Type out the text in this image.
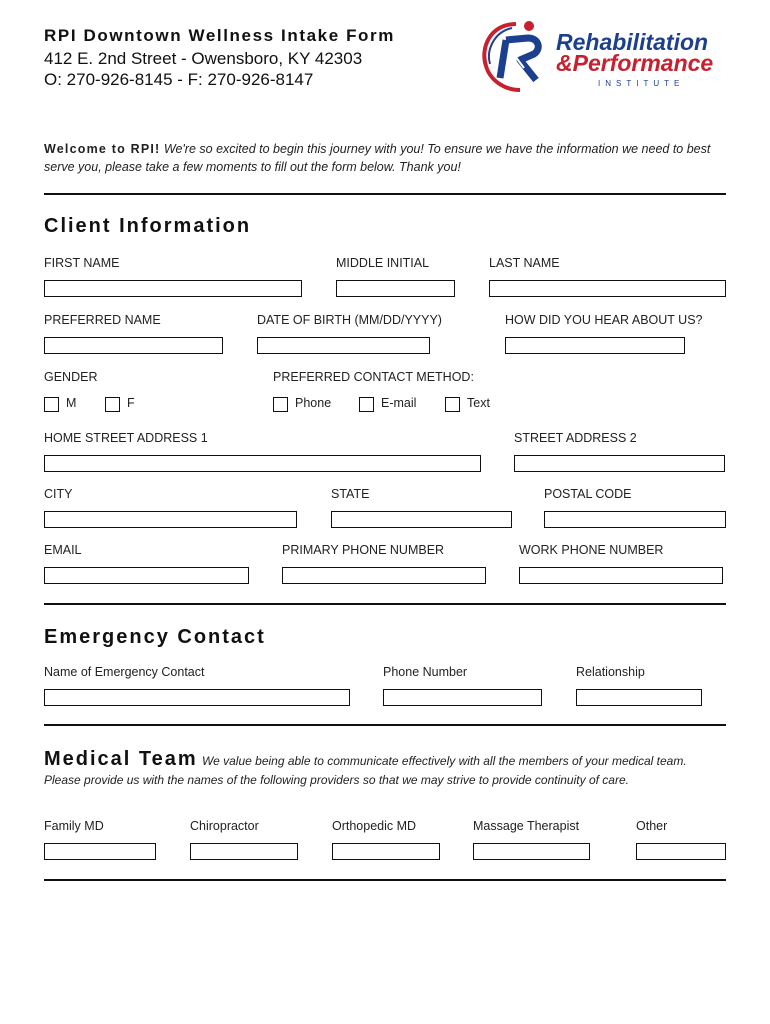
RPI Downtown Wellness Intake Form
412 E. 2nd Street - Owensboro, KY 42303
O: 270-926-8145 - F: 270-926-8147
Rehabilitation
&Performance
INSTITUTE
Welcome to RPI! We're so excited to begin this journey with you! To ensure we have the information we need to best serve you, please take a few moments to fill out the form below. Thank you!
Client Information
FIRST NAME	MIDDLE INITIAL	LAST NAME
PREFERRED NAME	DATE OF BIRTH (MM/DD/YYYY)	HOW DID YOU HEAR ABOUT US?
GENDER	PREFERRED CONTACT METHOD:
M	F	Phone	E-mail	Text
HOME STREET ADDRESS 1	STREET ADDRESS 2
CITY	STATE	POSTAL CODE
EMAIL	PRIMARY PHONE NUMBER	WORK PHONE NUMBER
Emergency Contact
Name of Emergency Contact	Phone Number	Relationship
Medical Team We value being able to communicate effectively with all the members of your medical team.
Please provide us with the names of the following providers so that we may strive to provide continuity of care.
Family MD	Chiropractor	Orthopedic MD	Massage Therapist	Other
